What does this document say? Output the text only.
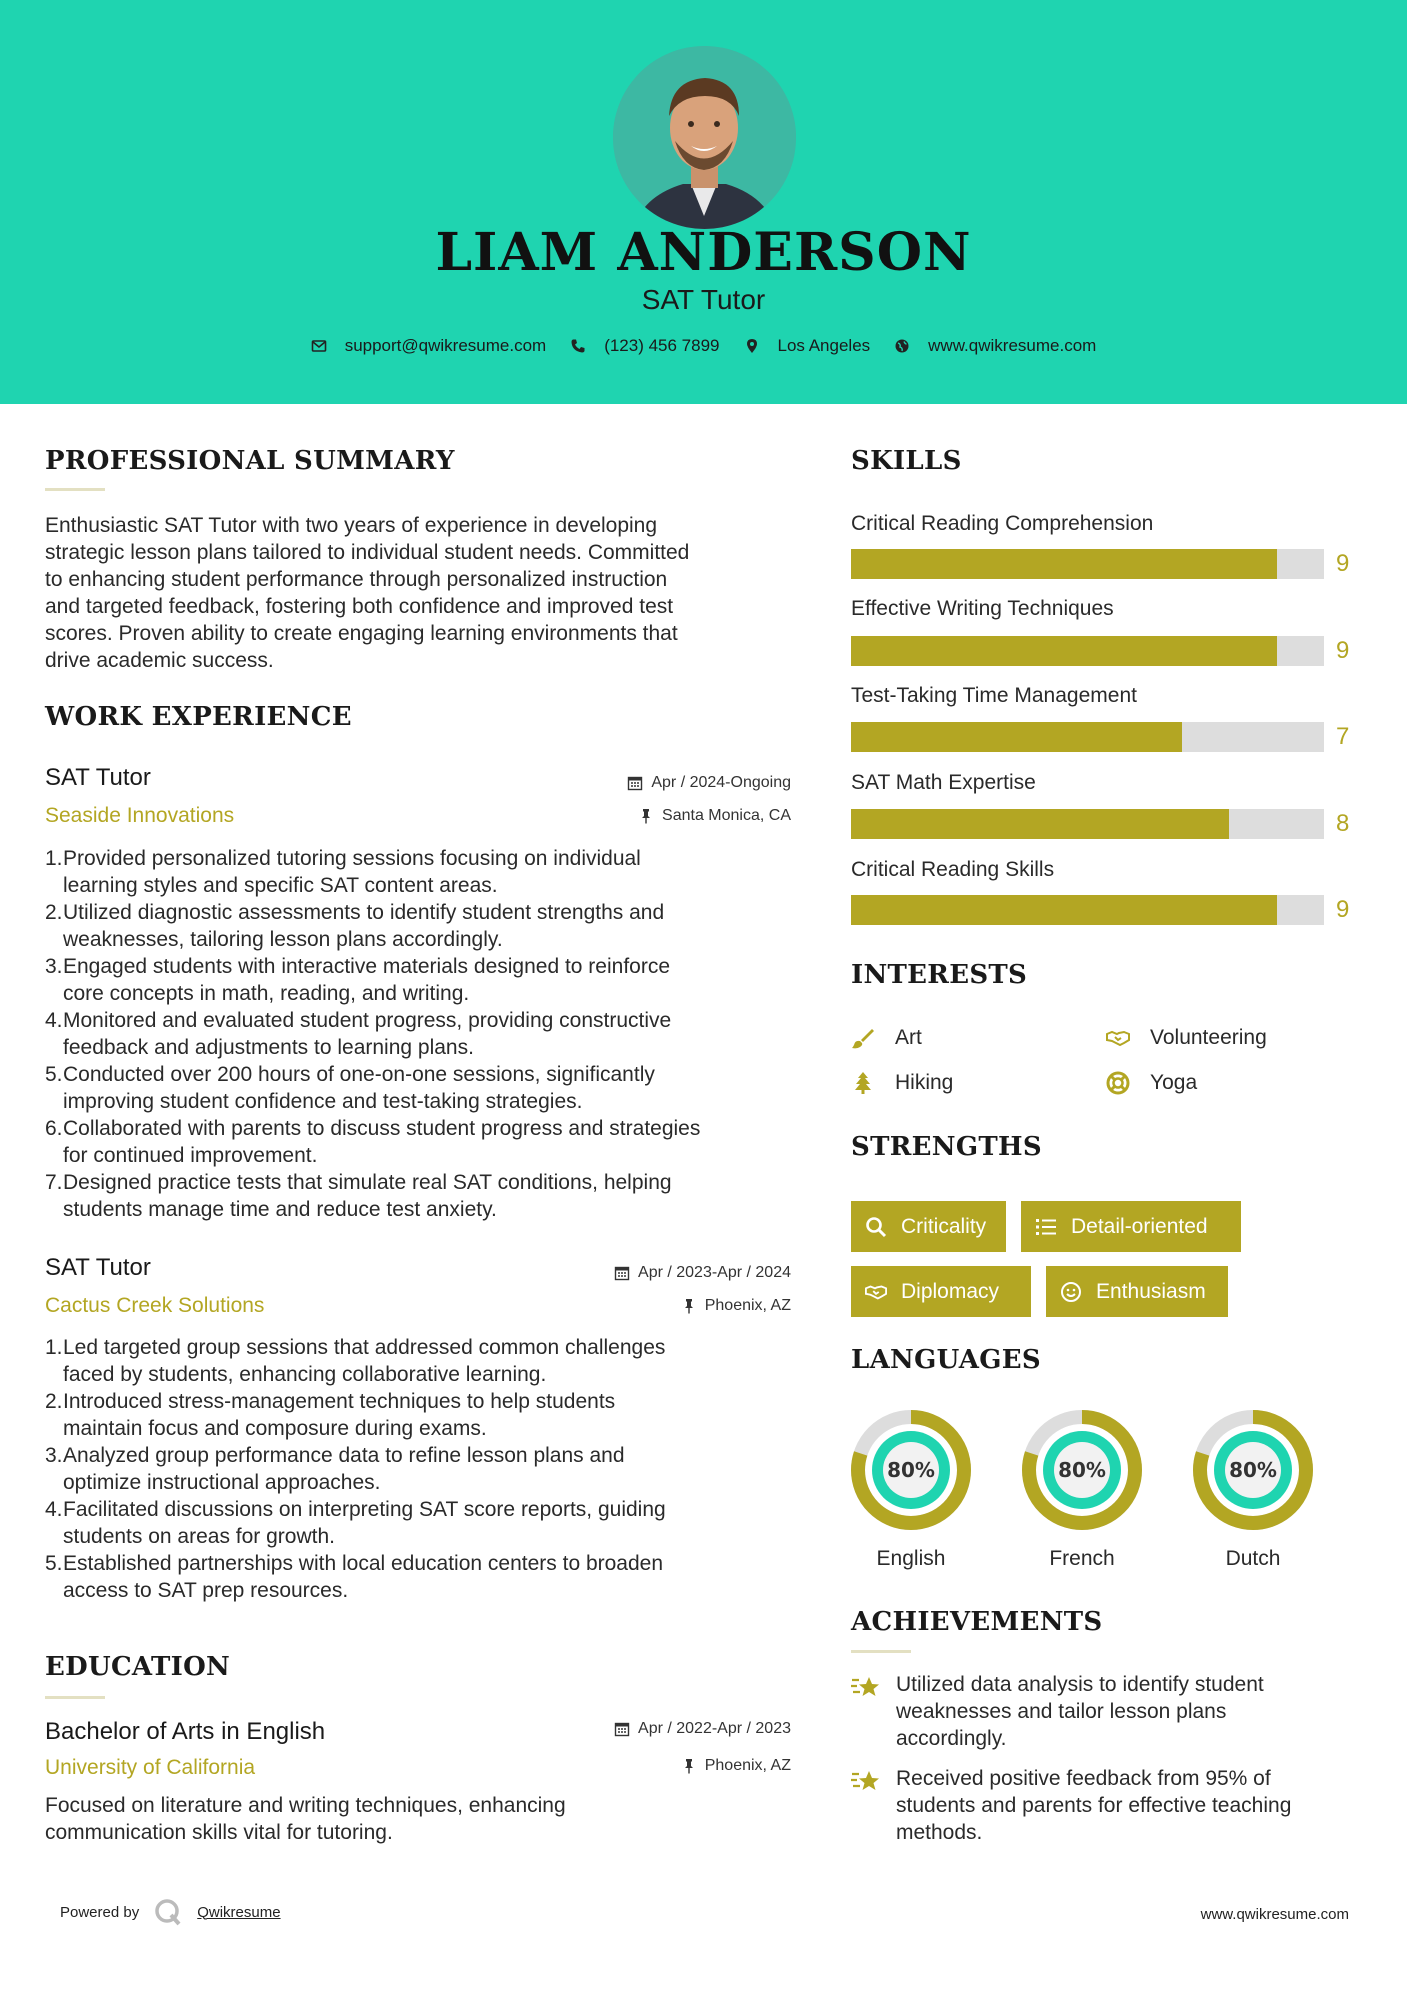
LIAM ANDERSON
SAT Tutor
support@qwikresume.com	(123) 456 7899	Los Angeles	www.qwikresume.com
PROFESSIONAL SUMMARY
Enthusiastic SAT Tutor with two years of experience in developing
strategic lesson plans tailored to individual student needs. Committed
to enhancing student performance through personalized instruction
and targeted feedback, fostering both confidence and improved test
scores. Proven ability to create engaging learning environments that
drive academic success.
WORK EXPERIENCE
SAT Tutor	Apr / 2024-Ongoing
Seaside Innovations	Santa Monica, CA
1. Provided personalized tutoring sessions focusing on individual
learning styles and specific SAT content areas.
2. Utilized diagnostic assessments to identify student strengths and
weaknesses, tailoring lesson plans accordingly.
3. Engaged students with interactive materials designed to reinforce
core concepts in math, reading, and writing.
4. Monitored and evaluated student progress, providing constructive
feedback and adjustments to learning plans.
5. Conducted over 200 hours of one-on-one sessions, significantly
improving student confidence and test-taking strategies.
6. Collaborated with parents to discuss student progress and strategies
for continued improvement.
7. Designed practice tests that simulate real SAT conditions, helping
students manage time and reduce test anxiety.
SAT Tutor	Apr / 2023-Apr / 2024
Cactus Creek Solutions	Phoenix, AZ
1. Led targeted group sessions that addressed common challenges
faced by students, enhancing collaborative learning.
2. Introduced stress-management techniques to help students
maintain focus and composure during exams.
3. Analyzed group performance data to refine lesson plans and
optimize instructional approaches.
4. Facilitated discussions on interpreting SAT score reports, guiding
students on areas for growth.
5. Established partnerships with local education centers to broaden
access to SAT prep resources.
EDUCATION
Bachelor of Arts in English	Apr / 2022-Apr / 2023
University of California	Phoenix, AZ
Focused on literature and writing techniques, enhancing
communication skills vital for tutoring.
SKILLS
Critical Reading Comprehension
9
Effective Writing Techniques
9
Test-Taking Time Management
7
SAT Math Expertise
8
Critical Reading Skills
9
INTERESTS
Art	Volunteering
Hiking	Yoga
STRENGTHS
Criticality	Detail-oriented
Diplomacy	Enthusiasm
LANGUAGES
80%
English
80%
French
80%
Dutch
ACHIEVEMENTS
Utilized data analysis to identify student
weaknesses and tailor lesson plans
accordingly.
Received positive feedback from 95% of
students and parents for effective teaching
methods.
Powered by	Qwikresume	www.qwikresume.com
